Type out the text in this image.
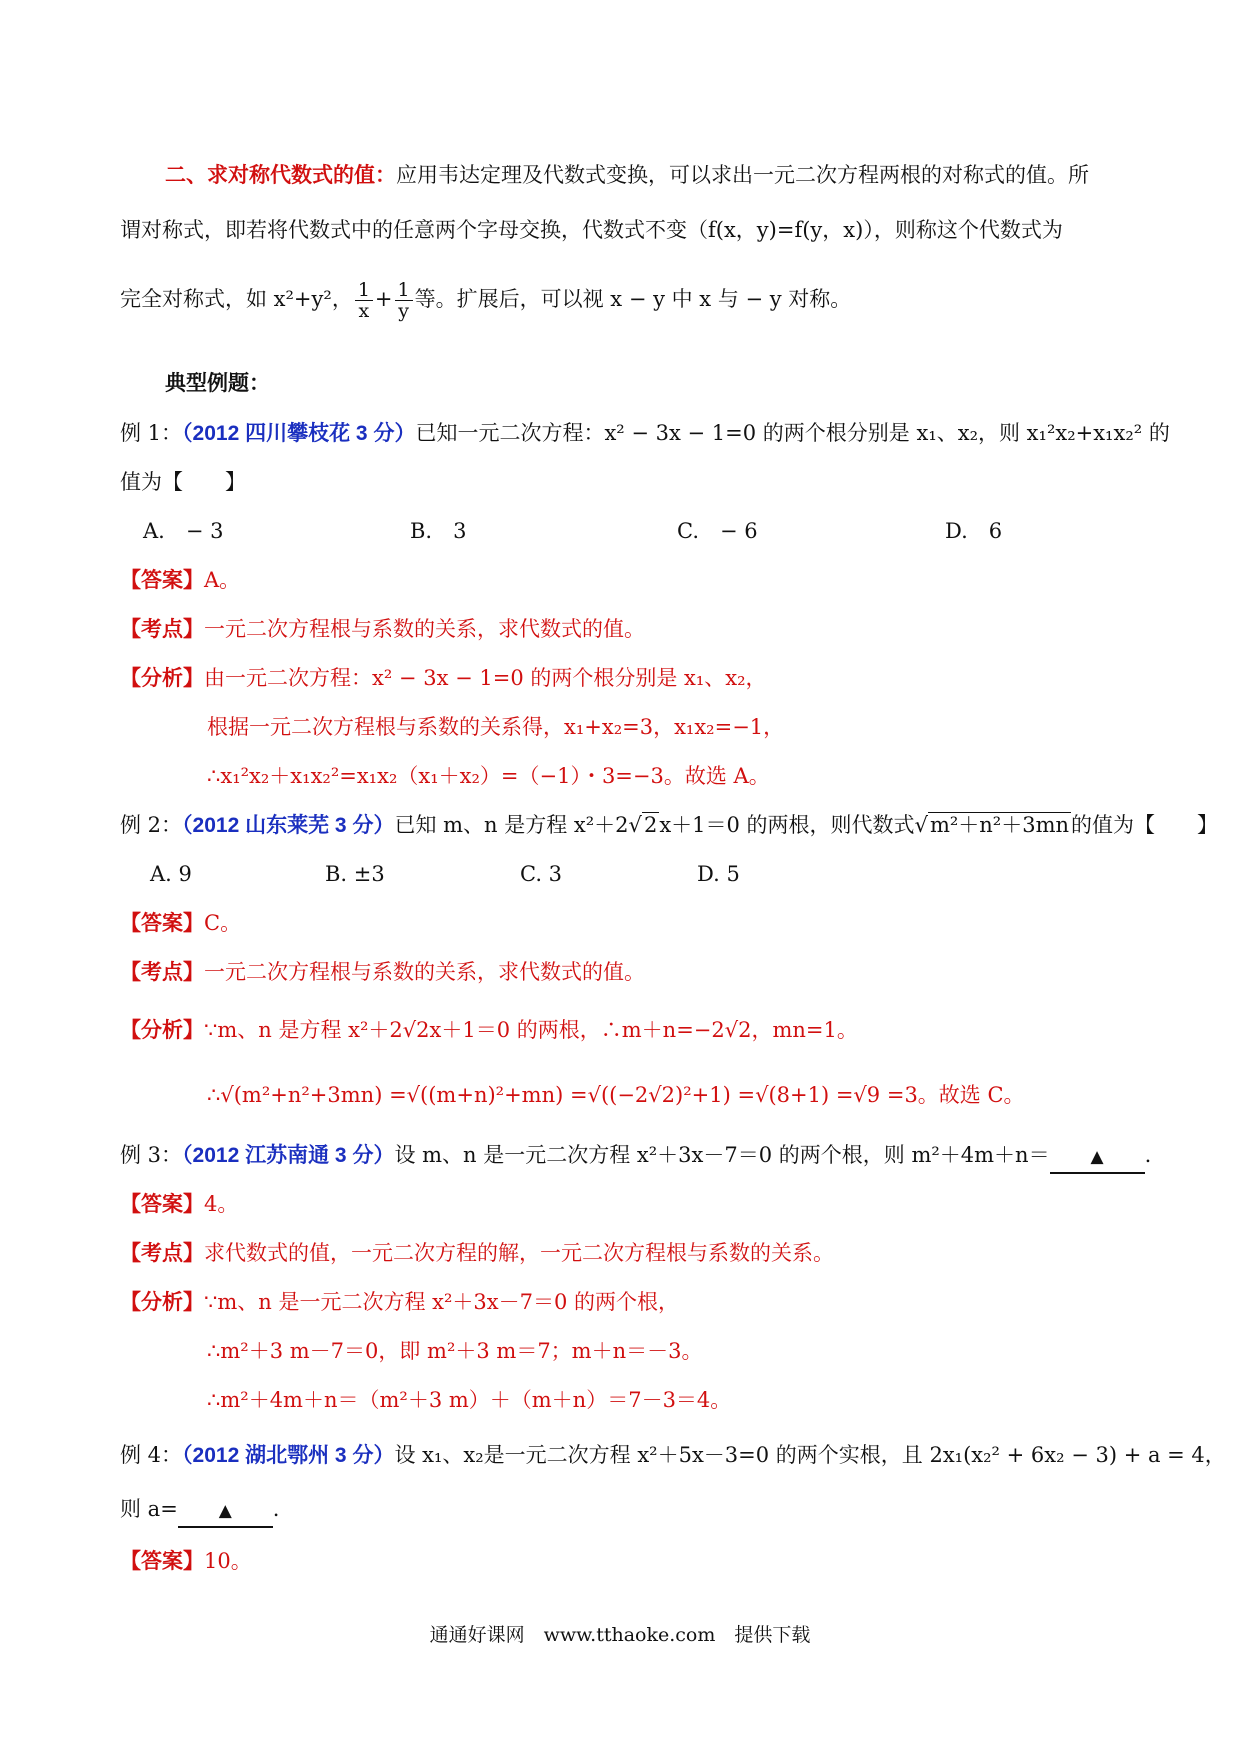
二、求对称代数式的值：应用韦达定理及代数式变换，可以求出一元二次方程两根的对称式的值。所
谓对称式，即若将代数式中的任意两个字母交换，代数式不变（f(x，y)=f(y，x)），则称这个代数式为
完全对称式，如 x²+y²， $\frac{1}{x} + \frac{1}{y}$ 等。扩展后，可以视 x − y 中 x 与 − y 对称。
典型例题：
例 1：（2012 四川攀枝花 3 分）已知一元二次方程：x² − 3x − 1=0 的两个根分别是 x₁、x₂，则 x₁²x₂+x₁x₂² 的
值为【　　】
A.　− 3	B.　3	C.　− 6	D.　6
【答案】A。
【考点】一元二次方程根与系数的关系，求代数式的值。
【分析】由一元二次方程：x² − 3x − 1=0 的两个根分别是 x₁、x₂，
根据一元二次方程根与系数的关系得，x₁+x₂=3，x₁x₂=−1，
∴x₁²x₂＋x₁x₂²=x₁x₂（x₁＋x₂）=（−1）・3=−3。故选 A。
例 2：（2012 山东莱芜 3 分）已知 m、n 是方程 x²＋2√2x＋1＝0 的两根，则代数式√m²＋n²＋3mn的值为【　　】
A. 9	B. ±3	C. 3	D. 5
【答案】C。
【考点】一元二次方程根与系数的关系，求代数式的值。
【分析】∵m、n 是方程 x²＋2√2x＋1＝0 的两根，∴m＋n=−2√2，mn=1。
∴√(m²+n²+3mn) =√((m+n)²+mn) =√((−2√2)²+1) =√(8+1) =√9 =3。故选 C。
例 3：（2012 江苏南通 3 分）设 m、n 是一元二次方程 x²＋3x－7＝0 的两个根，则 m²＋4m＋n＝ ▲ .
【答案】4。
【考点】求代数式的值，一元二次方程的解，一元二次方程根与系数的关系。
【分析】∵m、n 是一元二次方程 x²＋3x－7＝0 的两个根，
∴m²＋3 m－7＝0，即 m²＋3 m＝7；m＋n＝－3。
∴m²＋4m＋n＝（m²＋3 m）＋（m＋n）＝7－3＝4。
例 4：（2012 湖北鄂州 3 分）设 x₁、x₂是一元二次方程 x²＋5x－3=0 的两个实根，且 2x₁(x₂² + 6x₂ − 3) + a = 4，
则 a= ▲ .
【答案】10。
通通好课网　www.tthaoke.com　提供下载
